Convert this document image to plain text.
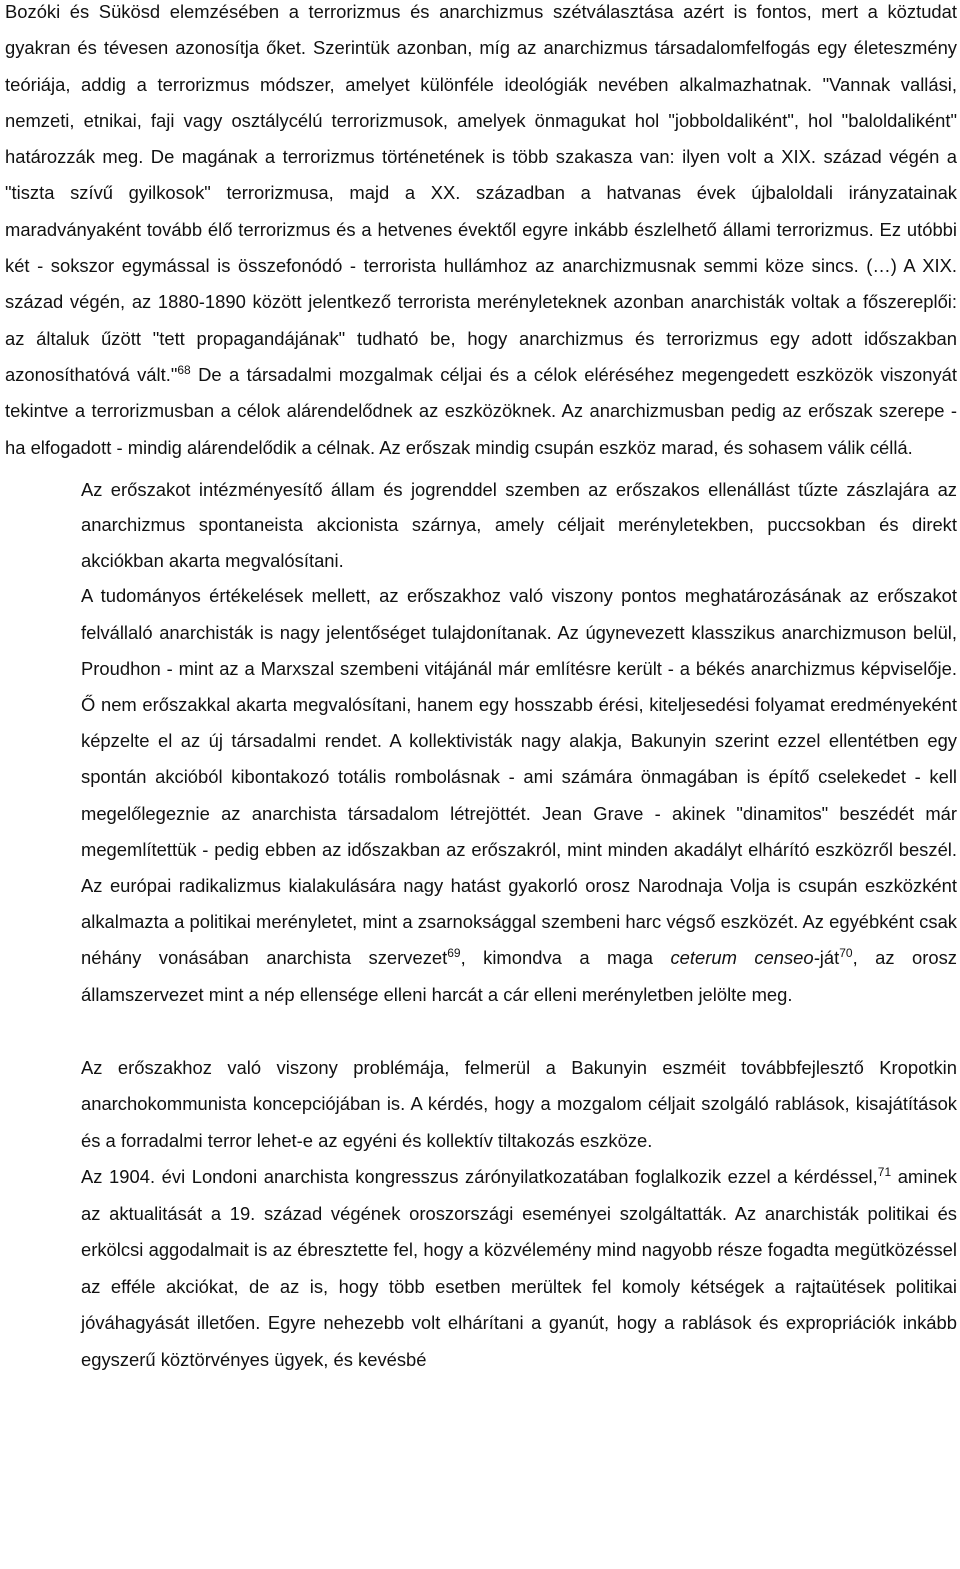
Bozóki és Sükösd elemzésében a terrorizmus és anarchizmus szétválasztása azért is fontos, mert a köztudat gyakran és tévesen azonosítja őket. Szerintük azonban, míg az anarchizmus társadalomfelfogás egy életeszmény teóriája, addig a terrorizmus módszer, amelyet különféle ideológiák nevében alkalmazhatnak. "Vannak vallási, nemzeti, etnikai, faji vagy osztálycélú terrorizmusok, amelyek önmagukat hol "jobboldaliként", hol "baloldaliként" határozzák meg. De magának a terrorizmus történetének is több szakasza van: ilyen volt a XIX. század végén a "tiszta szívű gyilkosok" terrorizmusa, majd a XX. században a hatvanas évek újbaloldali irányzatainak maradványaként tovább élő terrorizmus és a hetvenes évektől egyre inkább észlelhető állami terrorizmus. Ez utóbbi két - sokszor egymással is összefonódó - terrorista hullámhoz az anarchizmusnak semmi köze sincs. (…) A XIX. század végén, az 1880-1890 között jelentkező terrorista merényleteknek azonban anarchisták voltak a főszereplői: az általuk űzött "tett propagandájának" tudható be, hogy anarchizmus és terrorizmus egy adott időszakban azonosíthatóvá vált."$^{68}$ De a társadalmi mozgalmak céljai és a célok eléréséhez megengedett eszközök viszonyát tekintve a terrorizmusban a célok alárendelődnek az eszközöknek. Az anarchizmusban pedig az erőszak szerepe - ha elfogadott - mindig alárendelődik a célnak. Az erőszak mindig csupán eszköz marad, és sohasem válik céllá.

Az erőszakot intézményesítő állam és jogrenddel szemben az erőszakos ellenállást tűzte zászlajára az anarchizmus spontaneista akcionista szárnya, amely céljait merényletekben, puccsokban és direkt akciókban akarta megvalósítani.

A tudományos értékelések mellett, az erőszakhoz való viszony pontos meghatározásának az erőszakot felvállaló anarchisták is nagy jelentőséget tulajdonítanak. Az úgynevezett klasszikus anarchizmuson belül, Proudhon - mint az a Marxszal szembeni vitájánál már említésre került - a békés anarchizmus képviselője. Ő nem erőszakkal akarta megvalósítani, hanem egy hosszabb érési, kiteljesedési folyamat eredményeként képzelte el az új társadalmi rendet. A kollektivisták nagy alakja, Bakunyin szerint ezzel ellentétben egy spontán akcióból kibontakozó totális rombolásnak - ami számára önmagában is építő cselekedet - kell megelőlegeznie az anarchista társadalom létrejöttét. Jean Grave - akinek "dinamitos" beszédét már megemlítettük - pedig ebben az időszakban az erőszakról, mint minden akadályt elhárító eszközről beszél. Az európai radikalizmus kialakulására nagy hatást gyakorló orosz Narodnaja Volja is csupán eszközként alkalmazta a politikai merényletet, mint a zsarnoksággal szembeni harc végső eszközét. Az egyébként csak néhány vonásában anarchista szervezet$^{69}$, kimondva a maga ceterum censeo-ját$^{70}$, az orosz államszervezet mint a nép ellensége elleni harcát a cár elleni merényletben jelölte meg.

Az erőszakhoz való viszony problémája, felmerül a Bakunyin eszméit továbbfejlesztő Kropotkin anarchokommunista koncepciójában is. A kérdés, hogy a mozgalom céljait szolgáló rablások, kisajátítások és a forradalmi terror lehet-e az egyéni és kollektív tiltakozás eszköze.

Az 1904. évi Londoni anarchista kongresszus zárónyilatkozatában foglalkozik ezzel a kérdéssel,$^{71}$ aminek az aktualitását a 19. század végének oroszországi eseményei szolgáltatták. Az anarchisták politikai és erkölcsi aggodalmait is az ébresztette fel, hogy a közvélemény mind nagyobb része fogadta megütközéssel az efféle akciókat, de az is, hogy több esetben merültek fel komoly kétségek a rajtaütések politikai jóváhagyását illetően. Egyre nehezebb volt elhárítani a gyanút, hogy a rablások és expropriációk inkább egyszerű köztörvényes ügyek, és kevésbé
